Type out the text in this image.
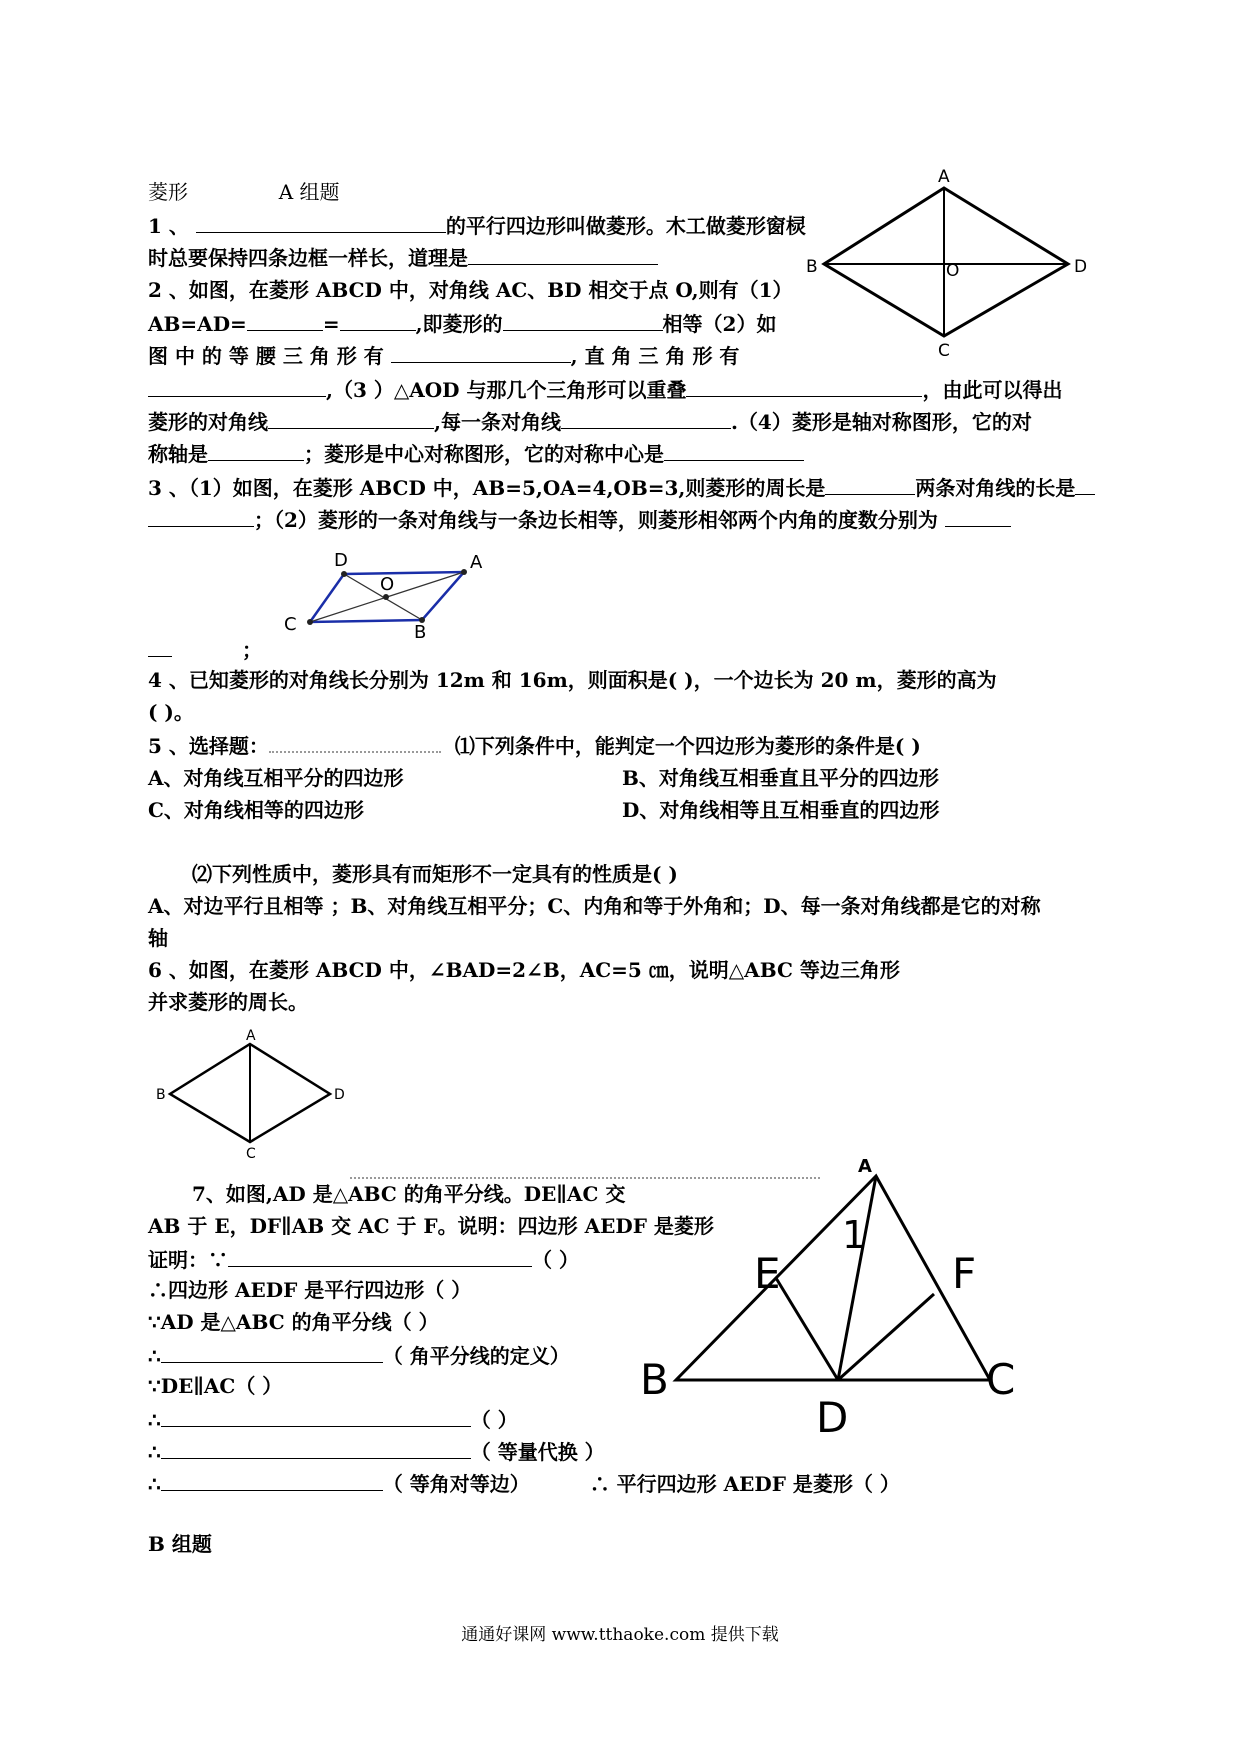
菱形	A 组题
1 、	的平行四边形叫做菱形。木工做菱形窗棂
时总要保持四条边框一样长，道理是
2 、如图，在菱形 ABCD 中，对角线 AC、BD 相交于点 O,则有（1）
AB=AD=	=	,即菱形的	相等（2）如
图 中 的 等 腰 三 角 形 有	, 直 角 三 角 形 有
,（3 ）△AOD 与那几个三角形可以重叠	，由此可以得出
菱形的对角线	,每一条对角线	.（4）菱形是轴对称图形，它的对
称轴是	；菱形是中心对称图形，它的对称中心是
3 、（1）如图，在菱形 ABCD 中，AB=5,OA=4,OB=3,则菱形的周长是	两条对角线的长是
；（2）菱形的一条对角线与一条边长相等，则菱形相邻两个内角的度数分别为
；
4 、已知菱形的对角线长分别为 12m 和 16m，则面积是( )，一个边长为 20 m，菱形的高为
( )。
5 、选择题：	⑴下列条件中，能判定一个四边形为菱形的条件是( )
A、对角线互相平分的四边形	B、对角线互相垂直且平分的四边形
C、对角线相等的四边形	D、对角线相等且互相垂直的四边形
⑵下列性质中，菱形具有而矩形不一定具有的性质是( )
A、对边平行且相等 ；B、对角线互相平分；C、内角和等于外角和；D、每一条对角线都是它的对称
轴
6 、如图，在菱形 ABCD 中，∠BAD=2∠B，AC=5 ㎝，说明△ABC 等边三角形
并求菱形的周长。
7、如图,AD 是△ABC 的角平分线。DE∥AC 交
AB 于 E，DF∥AB 交 AC 于 F。说明：四边形 AEDF 是菱形
证明：∵	（ ）
∴四边形 AEDF 是平行四边形（ ）
∵AD 是△ABC 的角平分线（ ）
∴	（ 角平分线的定义）
∵DE∥AC（ ）
∴	（ ）
∴	（ 等量代换 ）
∴	（ 等角对等边）	∴ 平行四边形 AEDF 是菱形（ ）
B 组题
通通好课网 www.tthaoke.com 提供下载
A
B	D
C
O
D	A
O
C	B
A
B	D
C
A
1
E	F
B	C
D
